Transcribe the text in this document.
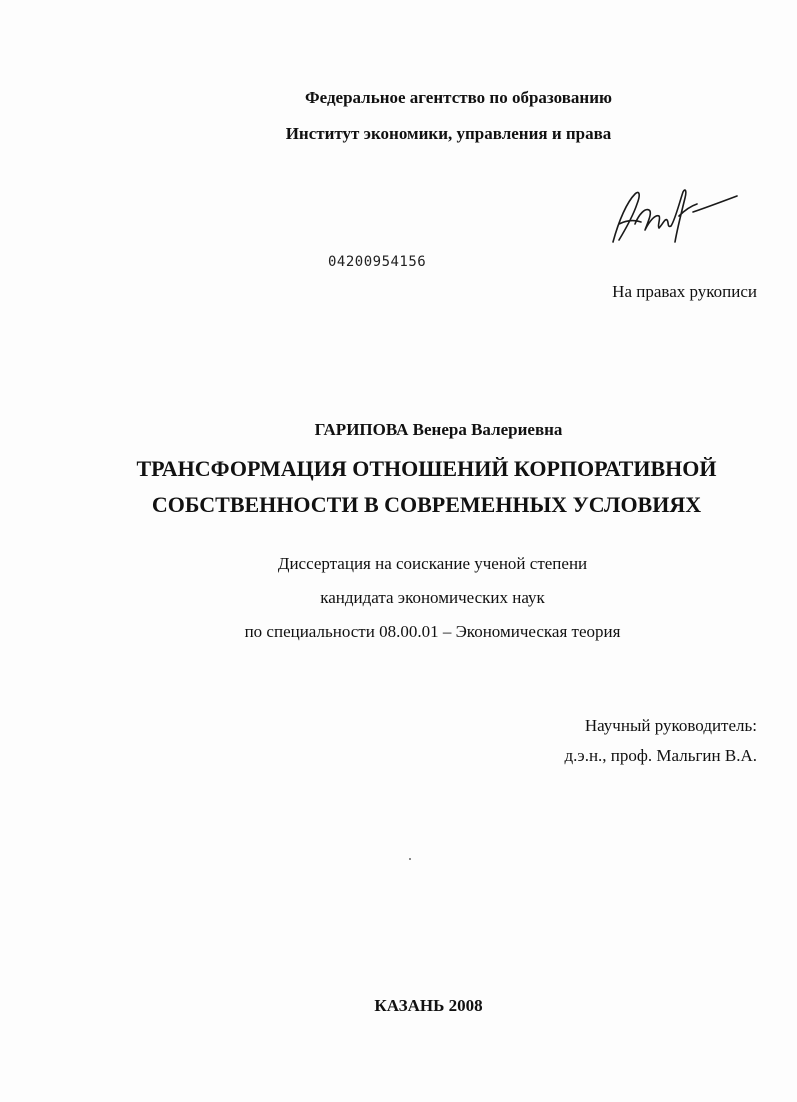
Федеральное агентство по образованию
Институт экономики, управления и права
04200954156
На правах рукописи
ГАРИПОВА Венера Валериевна
ТРАНСФОРМАЦИЯ ОТНОШЕНИЙ КОРПОРАТИВНОЙ
СОБСТВЕННОСТИ В СОВРЕМЕННЫХ УСЛОВИЯХ
Диссертация на соискание ученой степени
кандидата экономических наук
по специальности 08.00.01 – Экономическая теория
Научный руководитель:
д.э.н., проф. Мальгин В.А.
КАЗАНЬ 2008
